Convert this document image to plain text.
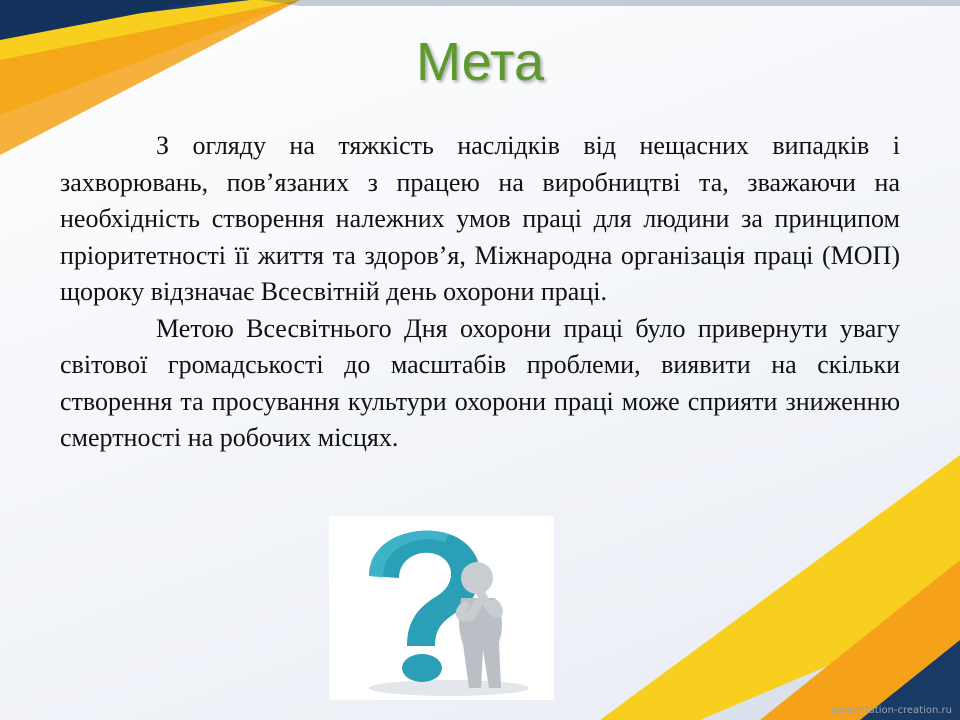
Мета

З огляду на тяжкість наслідків від нещасних випадків і захворювань, пов’язаних з працею на виробництві та, зважаючи на необхідність створення належних умов праці для людини за принципом пріоритетності її життя та здоров’я, Міжнародна організація праці (МОП) щороку відзначає Всесвітній день охорони праці.

Метою Всесвітнього Дня охорони праці було привернути увагу світової громадськості до масштабів проблеми, виявити на скільки створення та просування культури охорони праці може сприяти зниженню смертності на робочих місцях.

presentation-creation.ru
